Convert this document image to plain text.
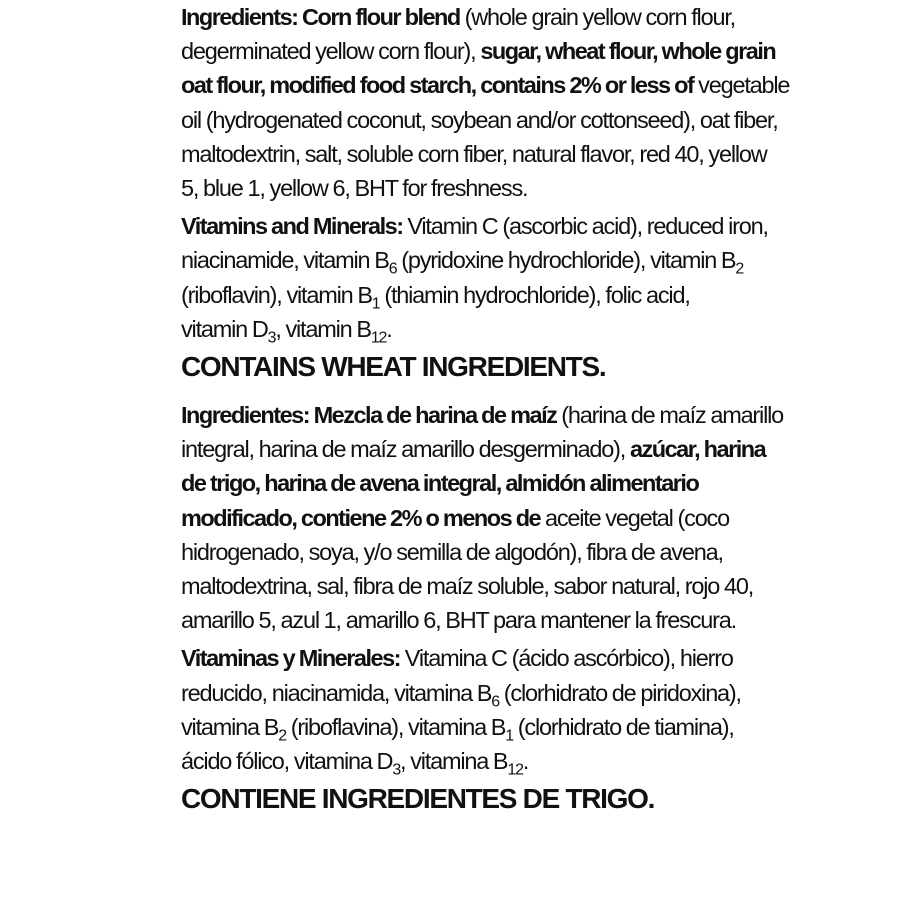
Ingredients: Corn flour blend (whole grain yellow corn flour,
degerminated yellow corn flour), sugar, wheat flour, whole grain
oat flour, modified food starch, contains 2% or less of vegetable
oil (hydrogenated coconut, soybean and/or cottonseed), oat fiber,
maltodextrin, salt, soluble corn fiber, natural flavor, red 40, yellow
5, blue 1, yellow 6, BHT for freshness.
Vitamins and Minerals: Vitamin C (ascorbic acid), reduced iron,
niacinamide, vitamin $B_6$ (pyridoxine hydrochloride), vitamin $B_2$
(riboflavin), vitamin $B_1$ (thiamin hydrochloride), folic acid,
vitamin $D_3$, vitamin $B_{12}$.
CONTAINS WHEAT INGREDIENTS.
Ingredientes: Mezcla de harina de maíz (harina de maíz amarillo
integral, harina de maíz amarillo desgerminado), azúcar, harina
de trigo, harina de avena integral, almidón alimentario
modificado, contiene 2% o menos de aceite vegetal (coco
hidrogenado, soya, y/o semilla de algodón), fibra de avena,
maltodextrina, sal, fibra de maíz soluble, sabor natural, rojo 40,
amarillo 5, azul 1, amarillo 6, BHT para mantener la frescura.
Vitaminas y Minerales: Vitamina C (ácido ascórbico), hierro
reducido, niacinamida, vitamina $B_6$ (clorhidrato de piridoxina),
vitamina $B_2$ (riboflavina), vitamina $B_1$ (clorhidrato de tiamina),
ácido fólico, vitamina $D_3$, vitamina $B_{12}$.
CONTIENE INGREDIENTES DE TRIGO.
